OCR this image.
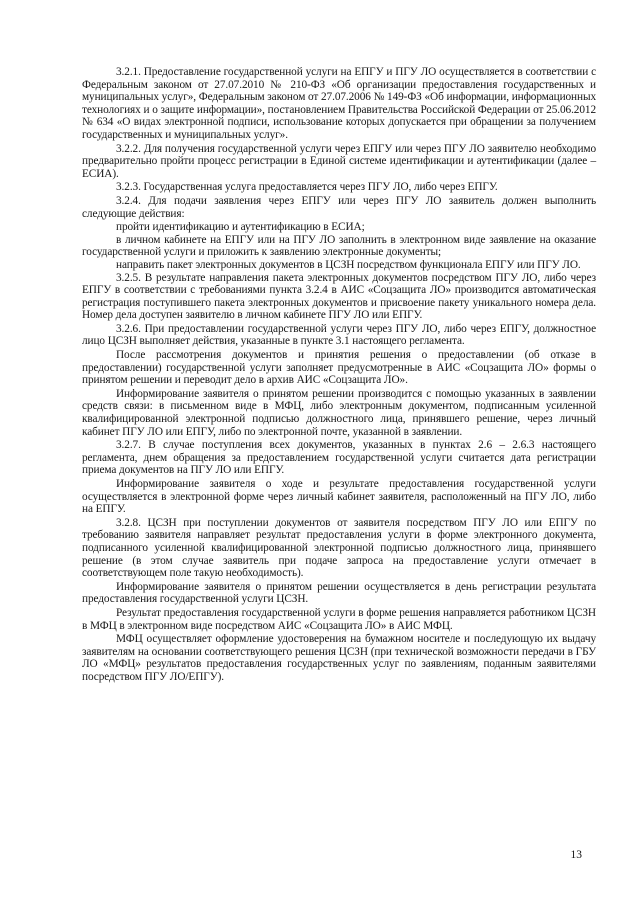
3.2.1. Предоставление государственной услуги на ЕПГУ и ПГУ ЛО осуществляется в соответствии с Федеральным законом от 27.07.2010 № 210-ФЗ «Об организации предоставления государственных и муниципальных услуг», Федеральным законом от 27.07.2006 № 149-ФЗ «Об информации, информационных технологиях и о защите информации», постановлением Правительства Российской Федерации от 25.06.2012 № 634 «О видах электронной подписи, использование которых допускается при обращении за получением государственных и муниципальных услуг».

3.2.2. Для получения государственной услуги через ЕПГУ или через ПГУ ЛО заявителю необходимо предварительно пройти процесс регистрации в Единой системе идентификации и аутентификации (далее – ЕСИА).

3.2.3. Государственная услуга предоставляется через ПГУ ЛО, либо через ЕПГУ.

3.2.4. Для подачи заявления через ЕПГУ или через ПГУ ЛО заявитель должен выполнить следующие действия:

пройти идентификацию и аутентификацию в ЕСИА;

в личном кабинете на ЕПГУ или на ПГУ ЛО заполнить в электронном виде заявление на оказание государственной услуги и приложить к заявлению электронные документы;

направить пакет электронных документов в ЦСЗН посредством функционала ЕПГУ или ПГУ ЛО.

3.2.5. В результате направления пакета электронных документов посредством ПГУ ЛО, либо через ЕПГУ в соответствии с требованиями пункта 3.2.4 в АИС «Соцзащита ЛО» производится автоматическая регистрация поступившего пакета электронных документов и присвоение пакету уникального номера дела. Номер дела доступен заявителю в личном кабинете ПГУ ЛО или ЕПГУ.

3.2.6. При предоставлении государственной услуги через ПГУ ЛО, либо через ЕПГУ, должностное лицо ЦСЗН выполняет действия, указанные в пункте 3.1 настоящего регламента.

После рассмотрения документов и принятия решения о предоставлении (об отказе в предоставлении) государственной услуги заполняет предусмотренные в АИС «Соцзащита ЛО» формы о принятом решении и переводит дело в архив АИС «Соцзащита ЛО».

Информирование заявителя о принятом решении производится с помощью указанных в заявлении средств связи: в письменном виде в МФЦ, либо электронным документом, подписанным усиленной квалифицированной электронной подписью должностного лица, принявшего решение, через личный кабинет ПГУ ЛО или ЕПГУ, либо по электронной почте, указанной в заявлении.

3.2.7. В случае поступления всех документов, указанных в пунктах 2.6 – 2.6.3 настоящего регламента, днем обращения за предоставлением государственной услуги считается дата регистрации приема документов на ПГУ ЛО или ЕПГУ.

Информирование заявителя о ходе и результате предоставления государственной услуги осуществляется в электронной форме через личный кабинет заявителя, расположенный на ПГУ ЛО, либо на ЕПГУ.

3.2.8. ЦСЗН при поступлении документов от заявителя посредством ПГУ ЛО или ЕПГУ по требованию заявителя направляет результат предоставления услуги в форме электронного документа, подписанного усиленной квалифицированной электронной подписью должностного лица, принявшего решение (в этом случае заявитель при подаче запроса на предоставление услуги отмечает в соответствующем поле такую необходимость).

Информирование заявителя о принятом решении осуществляется в день регистрации результата предоставления государственной услуги ЦСЗН.

Результат предоставления государственной услуги в форме решения направляется работником ЦСЗН в МФЦ в электронном виде посредством АИС «Соцзащита ЛО» в АИС МФЦ.

МФЦ осуществляет оформление удостоверения на бумажном носителе и последующую их выдачу заявителям на основании соответствующего решения ЦСЗН (при технической возможности передачи в ГБУ ЛО «МФЦ» результатов предоставления государственных услуг по заявлениям, поданным заявителями посредством ПГУ ЛО/ЕПГУ).

13
